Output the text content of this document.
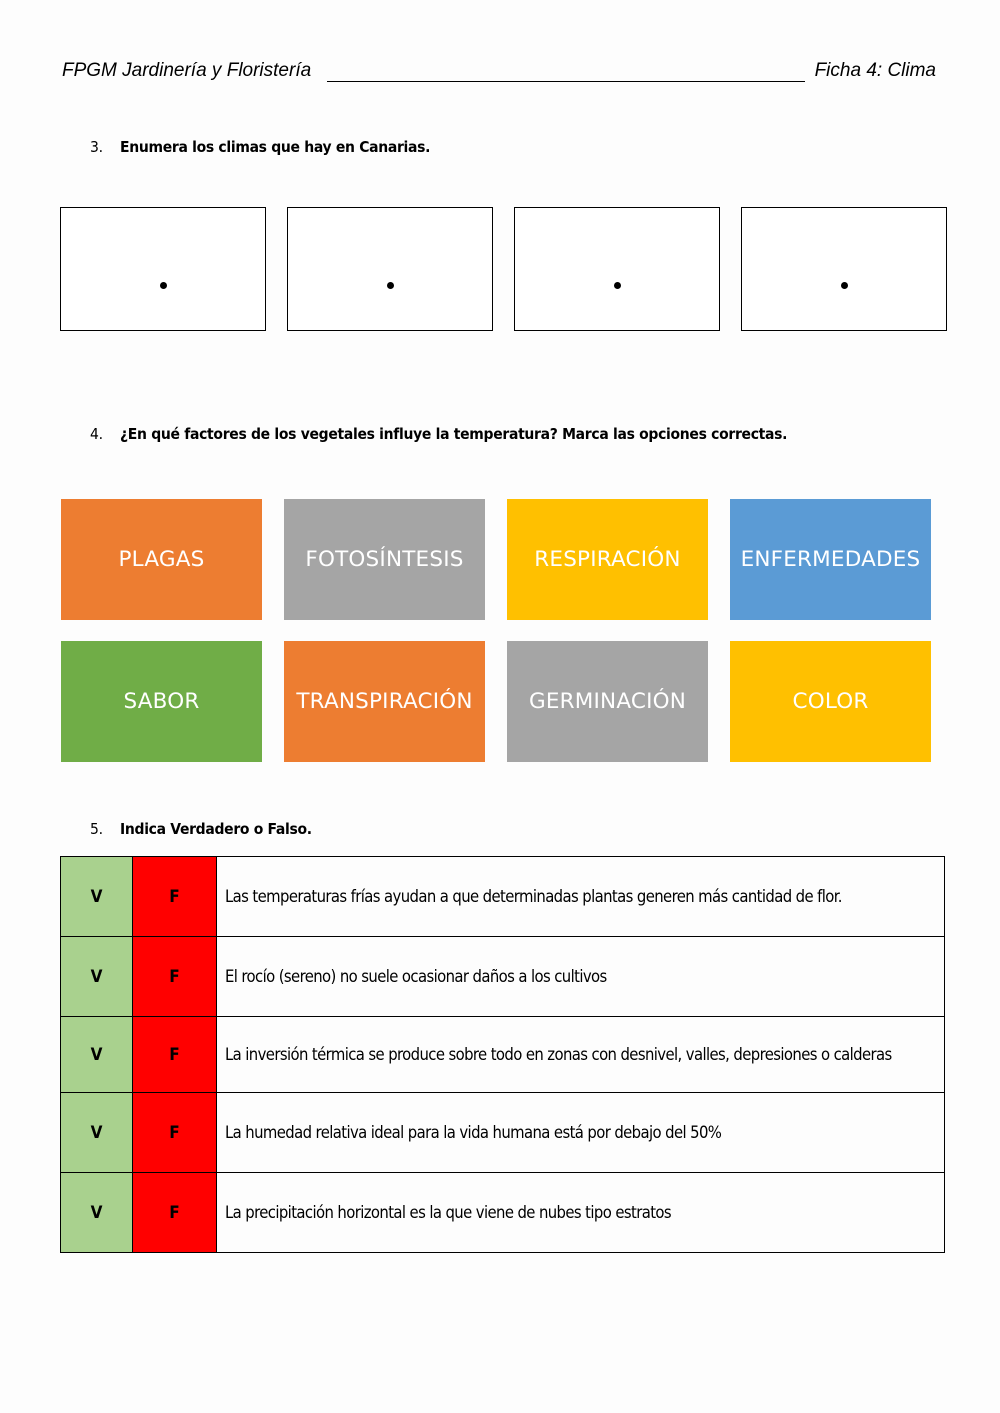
FPGM Jardinería y Floristería	Ficha 4: Clima
3. Enumera los climas que hay en Canarias.
4. ¿En qué factores de los vegetales influye la temperatura? Marca las opciones correctas.
PLAGAS	FOTOSÍNTESIS	RESPIRACIÓN	ENFERMEDADES
SABOR	TRANSPIRACIÓN	GERMINACIÓN	COLOR
5. Indica Verdadero o Falso.
V	F	Las temperaturas frías ayudan a que determinadas plantas generen más cantidad de flor.
V	F	El rocío (sereno) no suele ocasionar daños a los cultivos
V	F	La inversión térmica se produce sobre todo en zonas con desnivel, valles, depresiones o calderas
V	F	La humedad relativa ideal para la vida humana está por debajo del 50%
V	F	La precipitación horizontal es la que viene de nubes tipo estratos
